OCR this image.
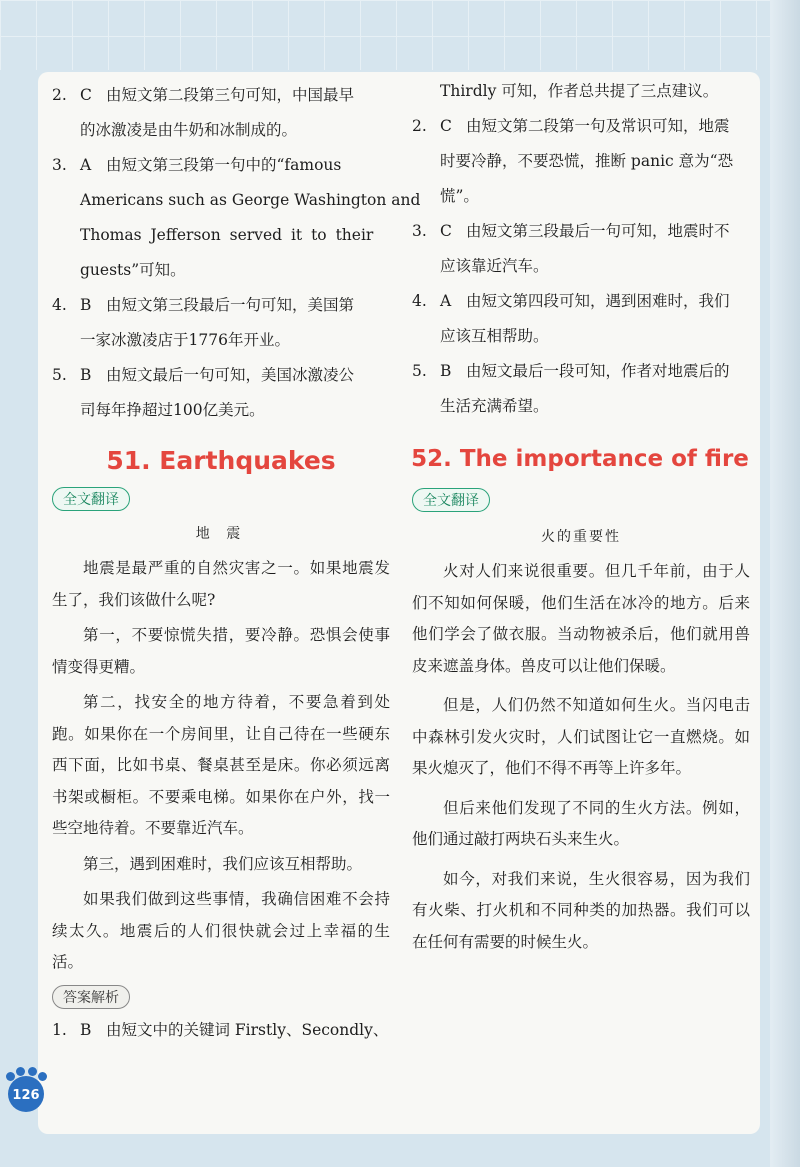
2. C 由短文第二段第三句可知，中国最早

的冰激凌是由牛奶和冰制成的。

3. A 由短文第三段第一句中的“famous

Americans such as George Washington and

Thomas Jefferson served it to their

guests”可知。

4. B 由短文第三段最后一句可知，美国第

一家冰激凌店于1776年开业。

5. B 由短文最后一句可知，美国冰激凌公

司每年挣超过100亿美元。

51. Earthquakes
全文翻译
地 震

地震是最严重的自然灾害之一。如果地震发生了，我们该做什么呢?

第一，不要惊慌失措，要冷静。恐惧会使事情变得更糟。

第二，找安全的地方待着，不要急着到处跑。如果你在一个房间里，让自己待在一些硬东西下面，比如书桌、餐桌甚至是床。你必须远离书架或橱柜。不要乘电梯。如果你在户外，找一些空地待着。不要靠近汽车。

第三，遇到困难时，我们应该互相帮助。

如果我们做到这些事情，我确信困难不会持续太久。地震后的人们很快就会过上幸福的生活。

答案解析

1. B 由短文中的关键词 Firstly、Secondly、

Thirdly 可知，作者总共提了三点建议。

2. C 由短文第二段第一句及常识可知，地震

时要冷静，不要恐慌，推断 panic 意为“恐

慌”。

3. C 由短文第三段最后一句可知，地震时不

应该靠近汽车。

4. A 由短文第四段可知，遇到困难时，我们

应该互相帮助。

5. B 由短文最后一段可知，作者对地震后的

生活充满希望。

52. The importance of fire
全文翻译
火的重要性

火对人们来说很重要。但几千年前，由于人们不知如何保暖，他们生活在冰冷的地方。后来他们学会了做衣服。当动物被杀后，他们就用兽皮来遮盖身体。兽皮可以让他们保暖。

但是，人们仍然不知道如何生火。当闪电击中森林引发火灾时，人们试图让它一直燃烧。如果火熄灭了，他们不得不再等上许多年。

但后来他们发现了不同的生火方法。例如，他们通过敲打两块石头来生火。

如今，对我们来说，生火很容易，因为我们有火柴、打火机和不同种类的加热器。我们可以在任何有需要的时候生火。

126
